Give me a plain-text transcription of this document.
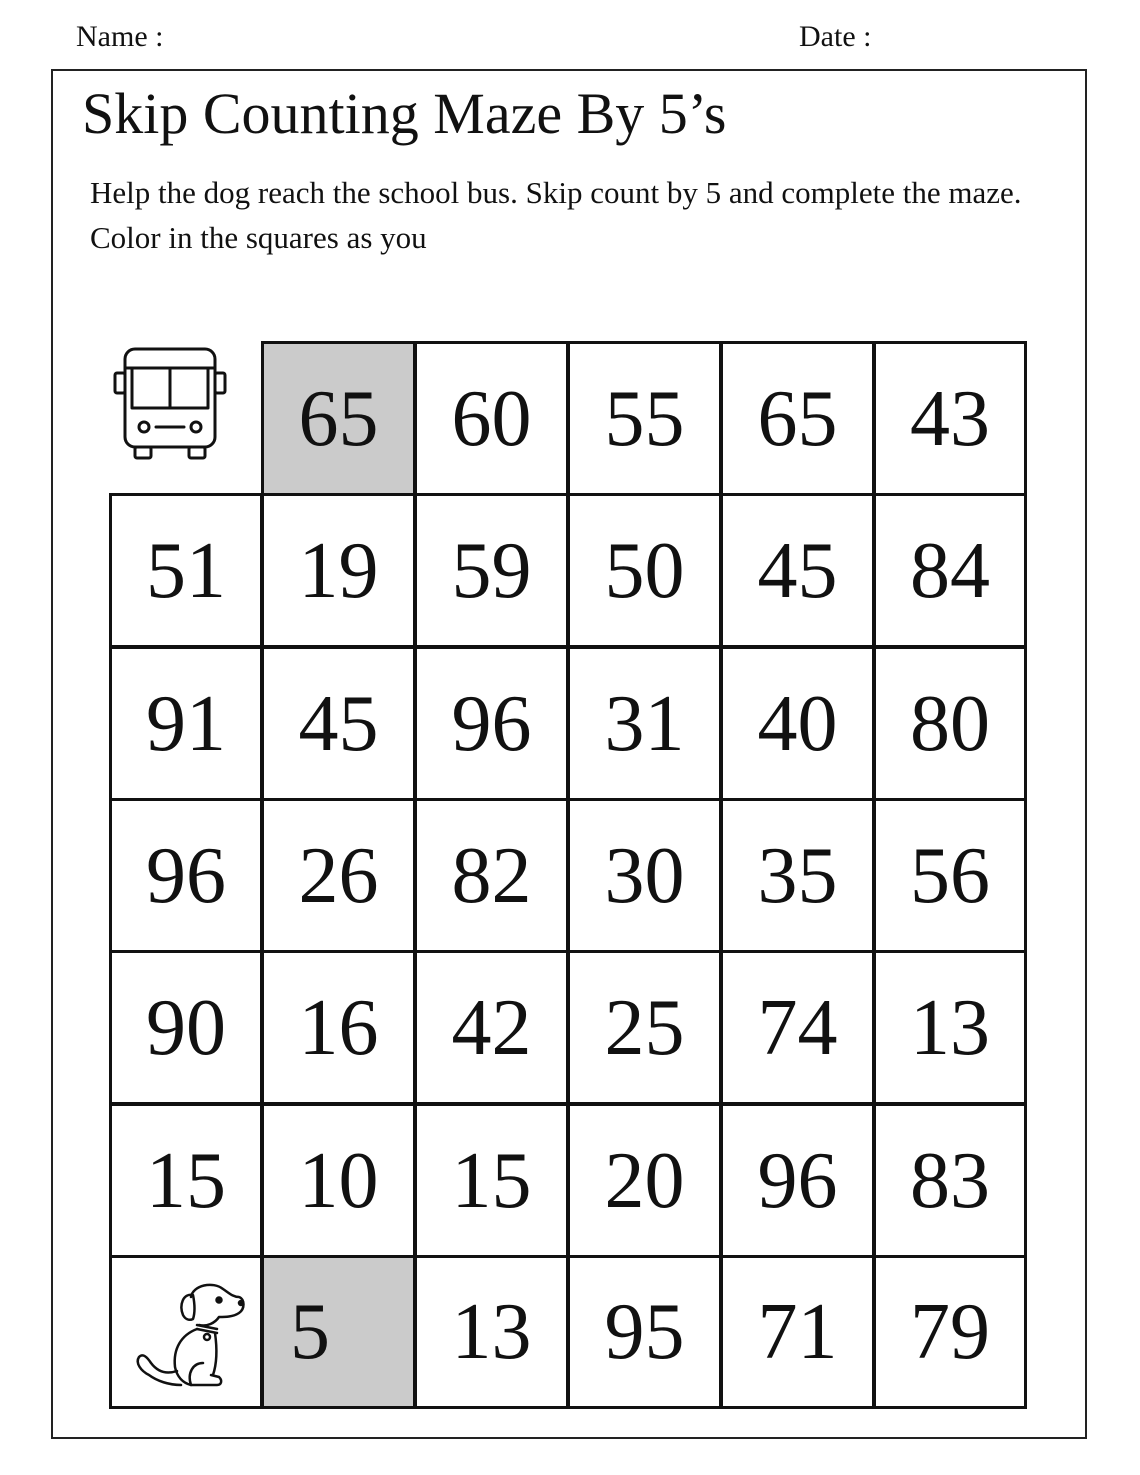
Name :	Date :
Skip Counting Maze By 5’s
Help the dog reach the school bus. Skip count by 5 and complete the maze. Color in the squares as you
65 60 55 65 43
51 19 59 50 45 84
91 45 96 31 40 80
96 26 82 30 35 56
90 16 42 25 74 13
15 10 15 20 96 83
5	13 95 71 79
